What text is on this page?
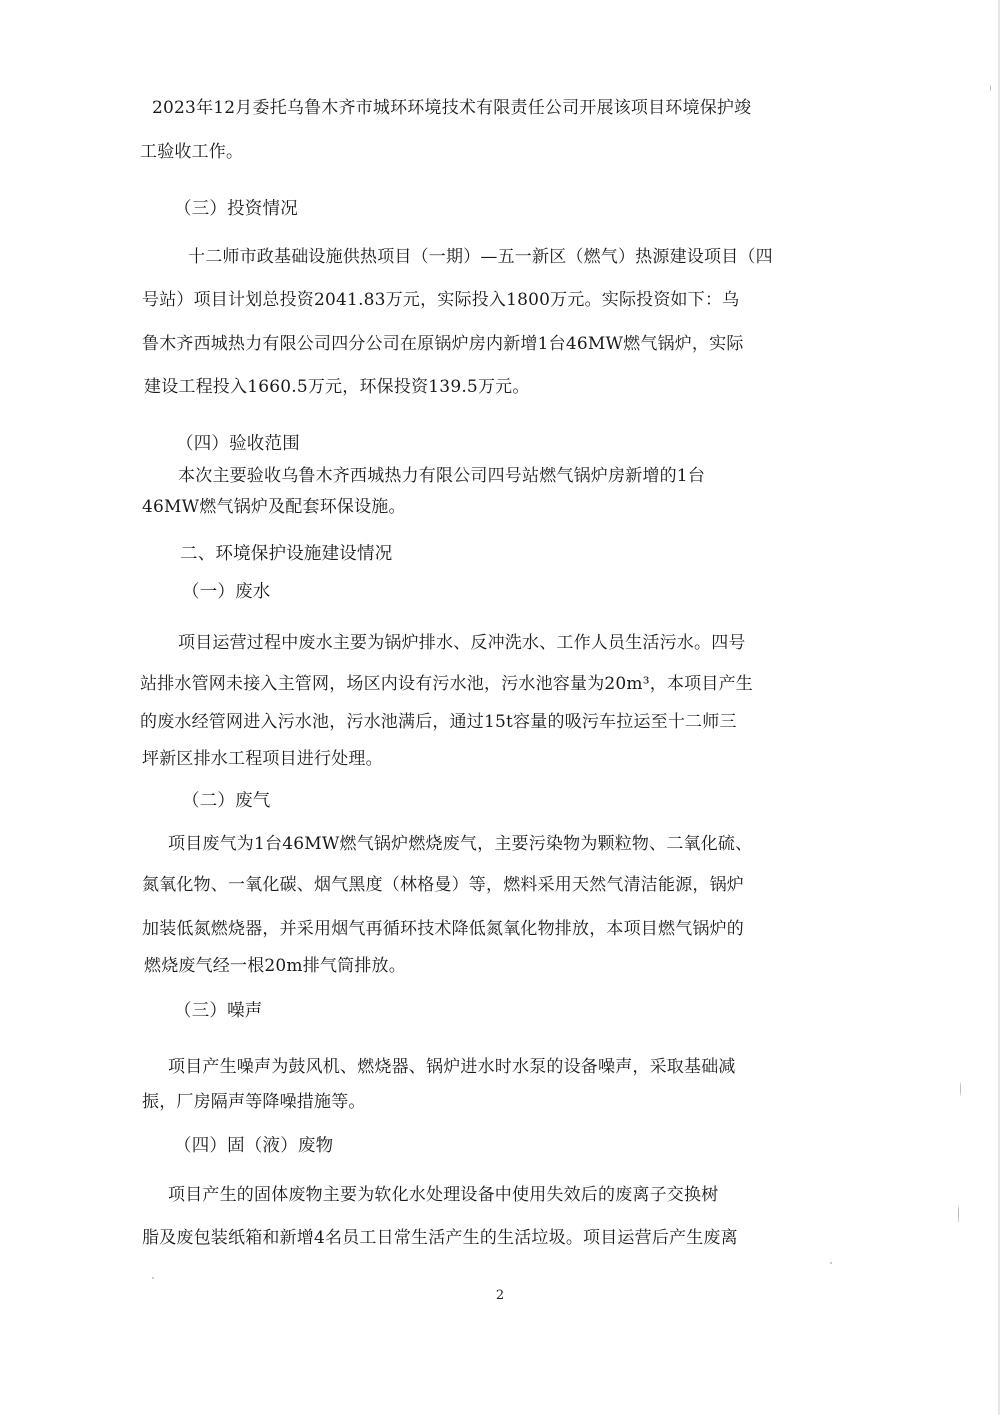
2023年12月委托乌鲁木齐市城环环境技术有限责任公司开展该项目环境保护竣
工验收工作。
（三）投资情况
十二师市政基础设施供热项目（一期）—五一新区（燃气）热源建设项目（四
号站）项目计划总投资2041.83万元，实际投入1800万元。实际投资如下：乌
鲁木齐西城热力有限公司四分公司在原锅炉房内新增1台46MW燃气锅炉，实际
建设工程投入1660.5万元，环保投资139.5万元。
（四）验收范围
本次主要验收乌鲁木齐西城热力有限公司四号站燃气锅炉房新增的1台
46MW燃气锅炉及配套环保设施。
二、环境保护设施建设情况
（一）废水
项目运营过程中废水主要为锅炉排水、反冲洗水、工作人员生活污水。四号
站排水管网未接入主管网，场区内设有污水池，污水池容量为20m³，本项目产生
的废水经管网进入污水池，污水池满后，通过15t容量的吸污车拉运至十二师三
坪新区排水工程项目进行处理。
（二）废气
项目废气为1台46MW燃气锅炉燃烧废气，主要污染物为颗粒物、二氧化硫、
氮氧化物、一氧化碳、烟气黑度（林格曼）等，燃料采用天然气清洁能源，锅炉
加装低氮燃烧器，并采用烟气再循环技术降低氮氧化物排放，本项目燃气锅炉的
燃烧废气经一根20m排气筒排放。
（三）噪声
项目产生噪声为鼓风机、燃烧器、锅炉进水时水泵的设备噪声，采取基础减
振，厂房隔声等降噪措施等。
（四）固（液）废物
项目产生的固体废物主要为软化水处理设备中使用失效后的废离子交换树
脂及废包装纸箱和新增4名员工日常生活产生的生活垃圾。项目运营后产生废离
2
